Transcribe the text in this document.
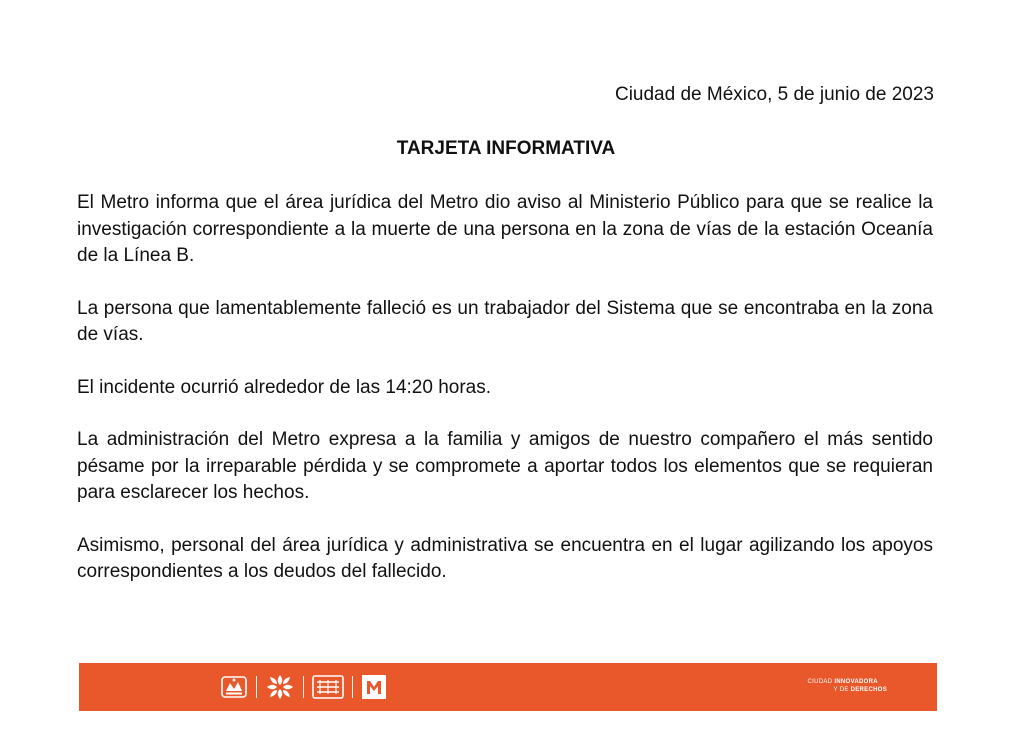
Ciudad de México, 5 de junio de 2023
TARJETA INFORMATIVA

El Metro informa que el área jurídica del Metro dio aviso al Ministerio Público para que se realice la investigación correspondiente a la muerte de una persona en la zona de vías de la estación Oceanía de la Línea B.

La persona que lamentablemente falleció es un trabajador del Sistema que se encontraba en la zona de vías.

El incidente ocurrió alrededor de las 14:20 horas.

La administración del Metro expresa a la familia y amigos de nuestro compañero el más sentido pésame por la irreparable pérdida y se compromete a aportar todos los elementos que se requieran para esclarecer los hechos.

Asimismo, personal del área jurídica y administrativa se encuentra en el lugar agilizando los apoyos correspondientes a los deudos del fallecido.

CIUDAD INNOVADORA
Y DE DERECHOS
